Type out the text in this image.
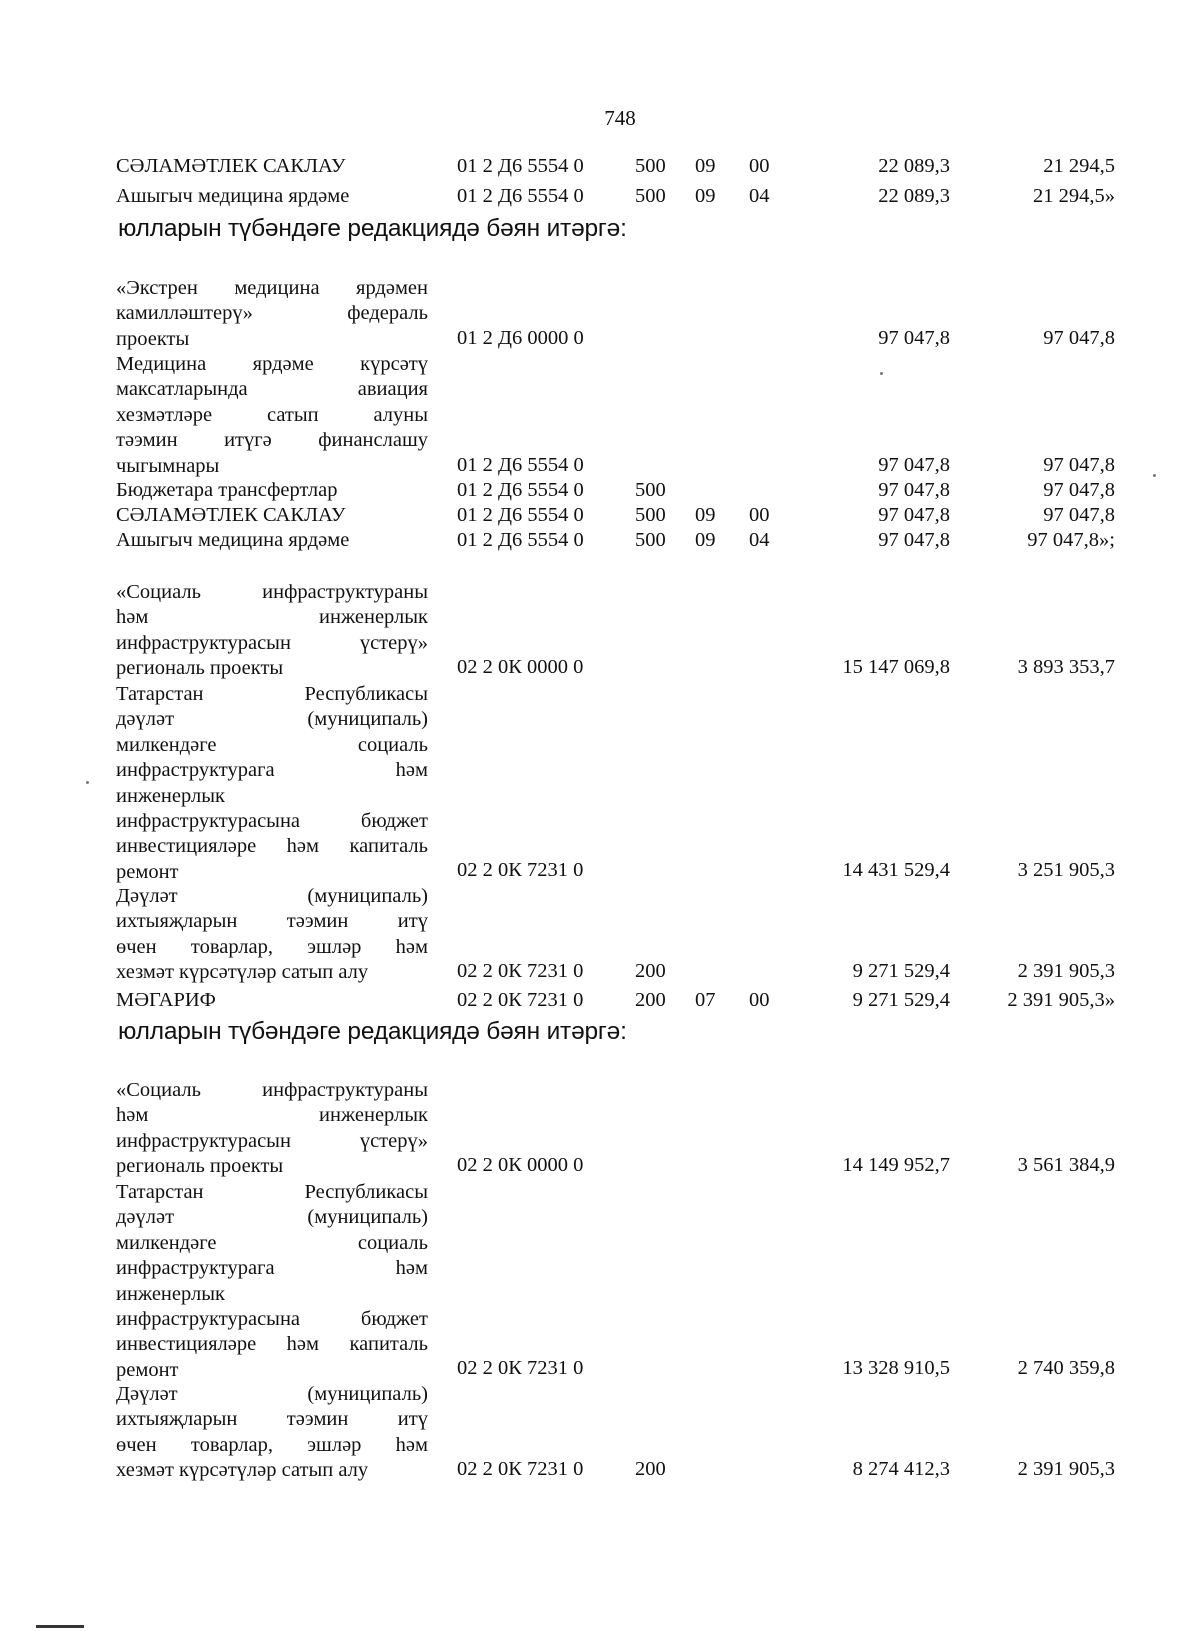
748
СӘЛАМӘТЛЕК САКЛАУ	01 2 Д6 5554 0	500 09 00	22 089,3	21 294,5
Ашыгыч медицина ярдәме	01 2 Д6 5554 0	500 09 04	22 089,3	21 294,5»
юлларын түбәндәге редакциядә бәян итәргә:
«Экстрен медицина ярдәмен
камилләштерү» федераль
проекты	01 2 Д6 0000 0	97 047,8	97 047,8
Медицина ярдәме күрсәтү
максатларында авиация
хезмәтләре сатып алуны
тәэмин итүгә финанслашу
чыгымнары	01 2 Д6 5554 0	97 047,8	97 047,8
Бюджетара трансфертлар	01 2 Д6 5554 0	500	97 047,8	97 047,8
СӘЛАМӘТЛЕК САКЛАУ	01 2 Д6 5554 0	500 09 00	97 047,8	97 047,8
Ашыгыч медицина ярдәме	01 2 Д6 5554 0	500 09 04	97 047,8	97 047,8»;
«Социаль инфраструктураны
һәм инженерлык
инфраструктурасын үстерү»
региональ проекты	02 2 0К 0000 0	15 147 069,8	3 893 353,7
Татарстан Республикасы
дәүләт (муниципаль)
милкендәге социаль
инфраструктурага һәм
инженерлык
инфраструктурасына бюджет
инвестицияләре һәм капиталь
ремонт	02 2 0К 7231 0	14 431 529,4	3 251 905,3
Дәүләт (муниципаль)
ихтыяҗларын тәэмин итү
өчен товарлар, эшләр һәм
хезмәт күрсәтүләр сатып алу	02 2 0К 7231 0	200	9 271 529,4	2 391 905,3
МӘГАРИФ	02 2 0К 7231 0	200 07 00	9 271 529,4	2 391 905,3»
юлларын түбәндәге редакциядә бәян итәргә:
«Социаль инфраструктураны
һәм инженерлык
инфраструктурасын үстерү»
региональ проекты	02 2 0К 0000 0	14 149 952,7	3 561 384,9
Татарстан Республикасы
дәүләт (муниципаль)
милкендәге социаль
инфраструктурага һәм
инженерлык
инфраструктурасына бюджет
инвестицияләре һәм капиталь
ремонт	02 2 0К 7231 0	13 328 910,5	2 740 359,8
Дәүләт (муниципаль)
ихтыяҗларын тәэмин итү
өчен товарлар, эшләр һәм
хезмәт күрсәтүләр сатып алу	02 2 0К 7231 0	200	8 274 412,3	2 391 905,3
